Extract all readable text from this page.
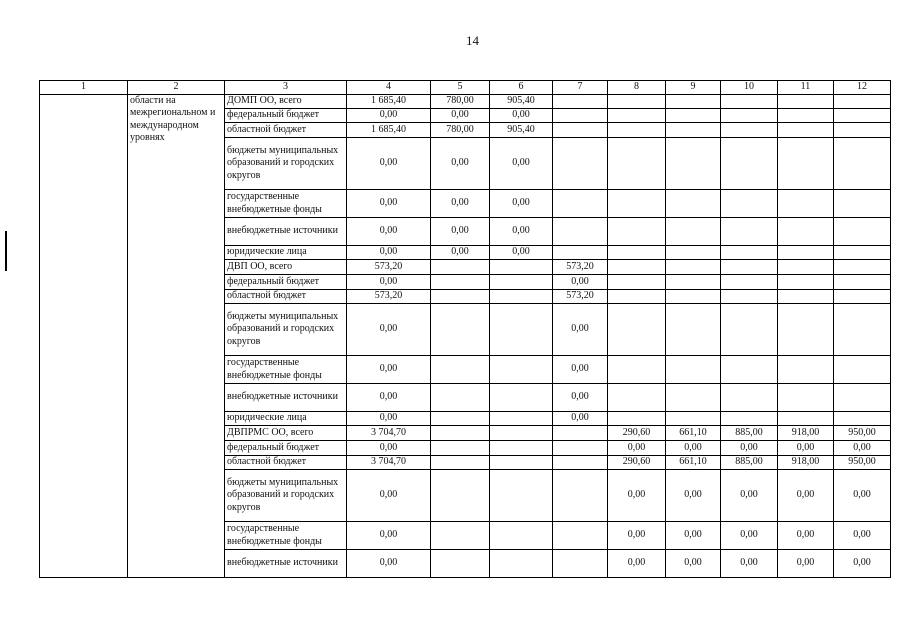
14
1	2	3	4	5	6	7	8	9	10	11	12
	области на межрегиональном и международном уровнях	ДОМП ОО, всего	1 685,40	780,00	905,40						
		федеральный бюджет	0,00	0,00	0,00						
		областной бюджет	1 685,40	780,00	905,40						
		бюджеты муниципальных образований и городских округов	0,00	0,00	0,00						
		государственные внебюджетные фонды	0,00	0,00	0,00						
		внебюджетные источники	0,00	0,00	0,00						
		юридические лица	0,00	0,00	0,00						
		ДВП ОО, всего	573,20			573,20					
		федеральный бюджет	0,00			0,00					
		областной бюджет	573,20			573,20					
		бюджеты муниципальных образований и городских округов	0,00			0,00					
		государственные внебюджетные фонды	0,00			0,00					
		внебюджетные источники	0,00			0,00					
		юридические лица	0,00			0,00					
		ДВПРМС ОО, всего	3 704,70				290,60	661,10	885,00	918,00	950,00
		федеральный бюджет	0,00				0,00	0,00	0,00	0,00	0,00
		областной бюджет	3 704,70				290,60	661,10	885,00	918,00	950,00
		бюджеты муниципальных образований и городских округов	0,00				0,00	0,00	0,00	0,00	0,00
		государственные внебюджетные фонды	0,00				0,00	0,00	0,00	0,00	0,00
		внебюджетные источники	0,00				0,00	0,00	0,00	0,00	0,00
